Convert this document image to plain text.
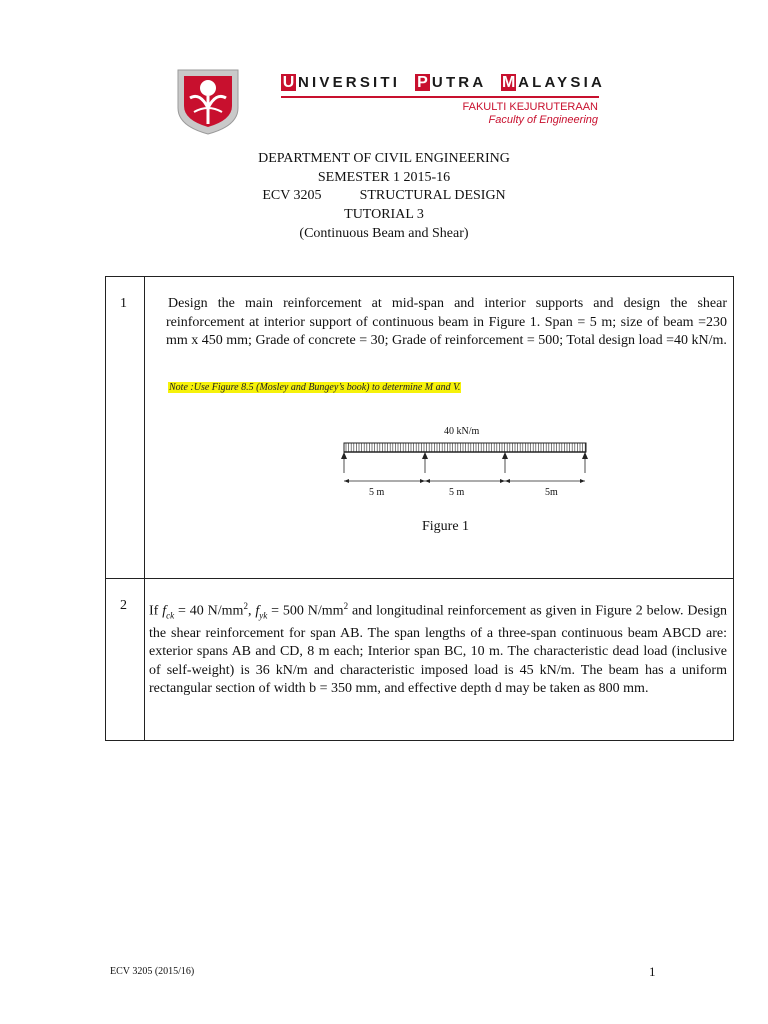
U NIVERSITI P UTRA M ALAYSIA
FAKULTI KEJURUTERAAN
Faculty of Engineering
DEPARTMENT OF CIVIL ENGINEERING
SEMESTER 1 2015-16
ECV 3205	STRUCTURAL DESIGN
TUTORIAL 3
(Continuous Beam and Shear)
1	Design the main reinforcement at mid-span and interior supports and design the shear reinforcement at interior support of continuous beam in Figure 1. Span = 5 m; size of beam =230 mm x 450 mm; Grade of concrete = 30; Grade of reinforcement = 500; Total design load =40 kN/m.
Note :Use Figure 8.5 (Mosley and Bungey’s book) to determine M and V.
40 kN/m
5 m	5 m	5m
Figure 1
2 If $f_{ck} = 40$ $N/mm^2$, $f_{yk} = 500$ $N/mm^2$ and longitudinal reinforcement as given in Figure 2 below. Design the shear reinforcement for span AB. The span lengths of a three-span continuous beam ABCD are: exterior spans AB and CD, 8 m each; Interior span BC, 10 m. The characteristic dead load (inclusive of self-weight) is 36 kN/m and characteristic imposed load is 45 kN/m. The beam has a uniform rectangular section of width b = 350 mm, and effective depth d may be taken as 800 mm.
ECV 3205 (2015/16)	1
